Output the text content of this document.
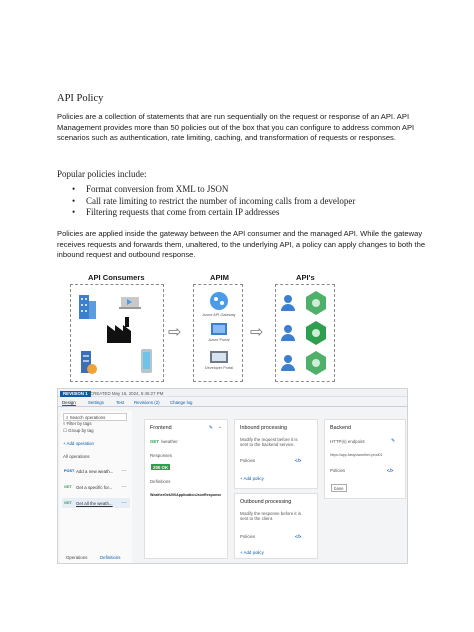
API Policy
Policies are a collection of statements that are run sequentially on the request or response of an API. API Management provides more than 50 policies out of the box that you can configure to address common API scenarios such as authentication, rate limiting, caching, and transformation of requests or responses.
Popular policies include:
• Format conversion from XML to JSON
• Call rate limiting to restrict the number of incoming calls from a developer
• Filtering requests that come from certain IP addresses
Policies are applied inside the gateway between the API consumer and the managed API. While the gateway receives requests and forwards them, unaltered, to the underlying API, a policy can apply changes to both the inbound request and outbound response.
API Consumers	APIM	API's
⇨
Azure API Gateway
Azure Portal
Developer Portal
⇨
REVISION 1 CREATED May 16, 2024, 5:45:27 PM
Design	Settings	Test Revisions (2) Change log
⌕ Search operations
▿ Filter by tags
☐ Group by tag
+ Add operation
All operations
POST Add a new weath... …
GET Get a specific for... …
GET Get all the weath... …
Operations	Definitions
Frontend	✎ ⌄
GET /weather
Responses
200 OK
Definitions
WeatherGet200ApplicationJsonResponse
Inbound processing
Modify the request before it is sent to the backend service.
Policies	</>
+ Add policy
Outbound processing
Modify the response before it is sent to the client.
Policies	</>
+ Add policy
Backend
HTTP(s) endpoint	✎
https://app-fastyowsether-prod01
Policies	</>
base
